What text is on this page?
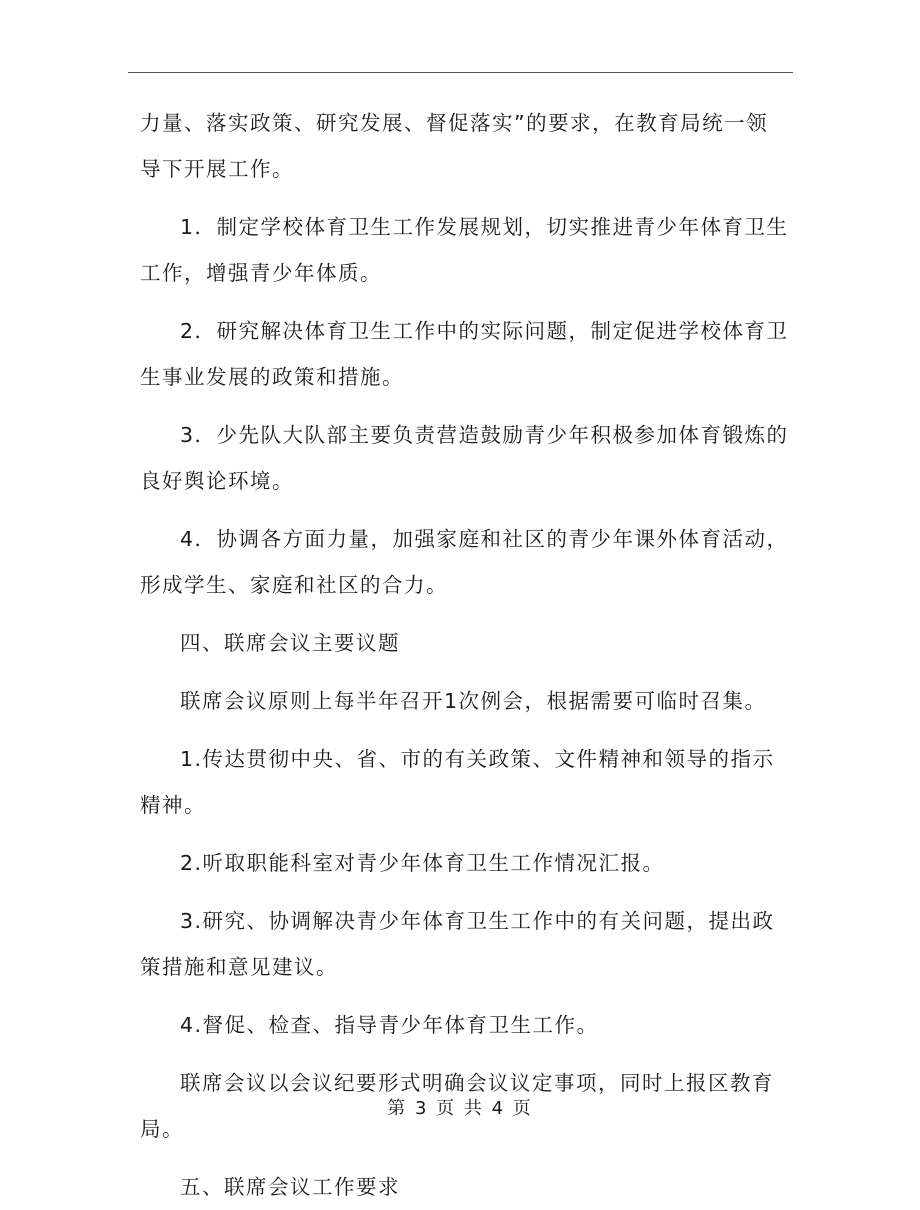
力量、落实政策、研究发展、督促落实”的要求，在教育局统一领导下开展工作。

1．制定学校体育卫生工作发展规划，切实推进青少年体育卫生工作，增强青少年体质。

2．研究解决体育卫生工作中的实际问题，制定促进学校体育卫生事业发展的政策和措施。

3．少先队大队部主要负责营造鼓励青少年积极参加体育锻炼的良好舆论环境。

4．协调各方面力量，加强家庭和社区的青少年课外体育活动，形成学生、家庭和社区的合力。

四、联席会议主要议题

联席会议原则上每半年召开1次例会，根据需要可临时召集。

1.传达贯彻中央、省、市的有关政策、文件精神和领导的指示精神。

2.听取职能科室对青少年体育卫生工作情况汇报。

3.研究、协调解决青少年体育卫生工作中的有关问题，提出政策措施和意见建议。

4.督促、检查、指导青少年体育卫生工作。

联席会议以会议纪要形式明确会议议定事项，同时上报区教育局。

五、联席会议工作要求

第 3 页 共 4 页
